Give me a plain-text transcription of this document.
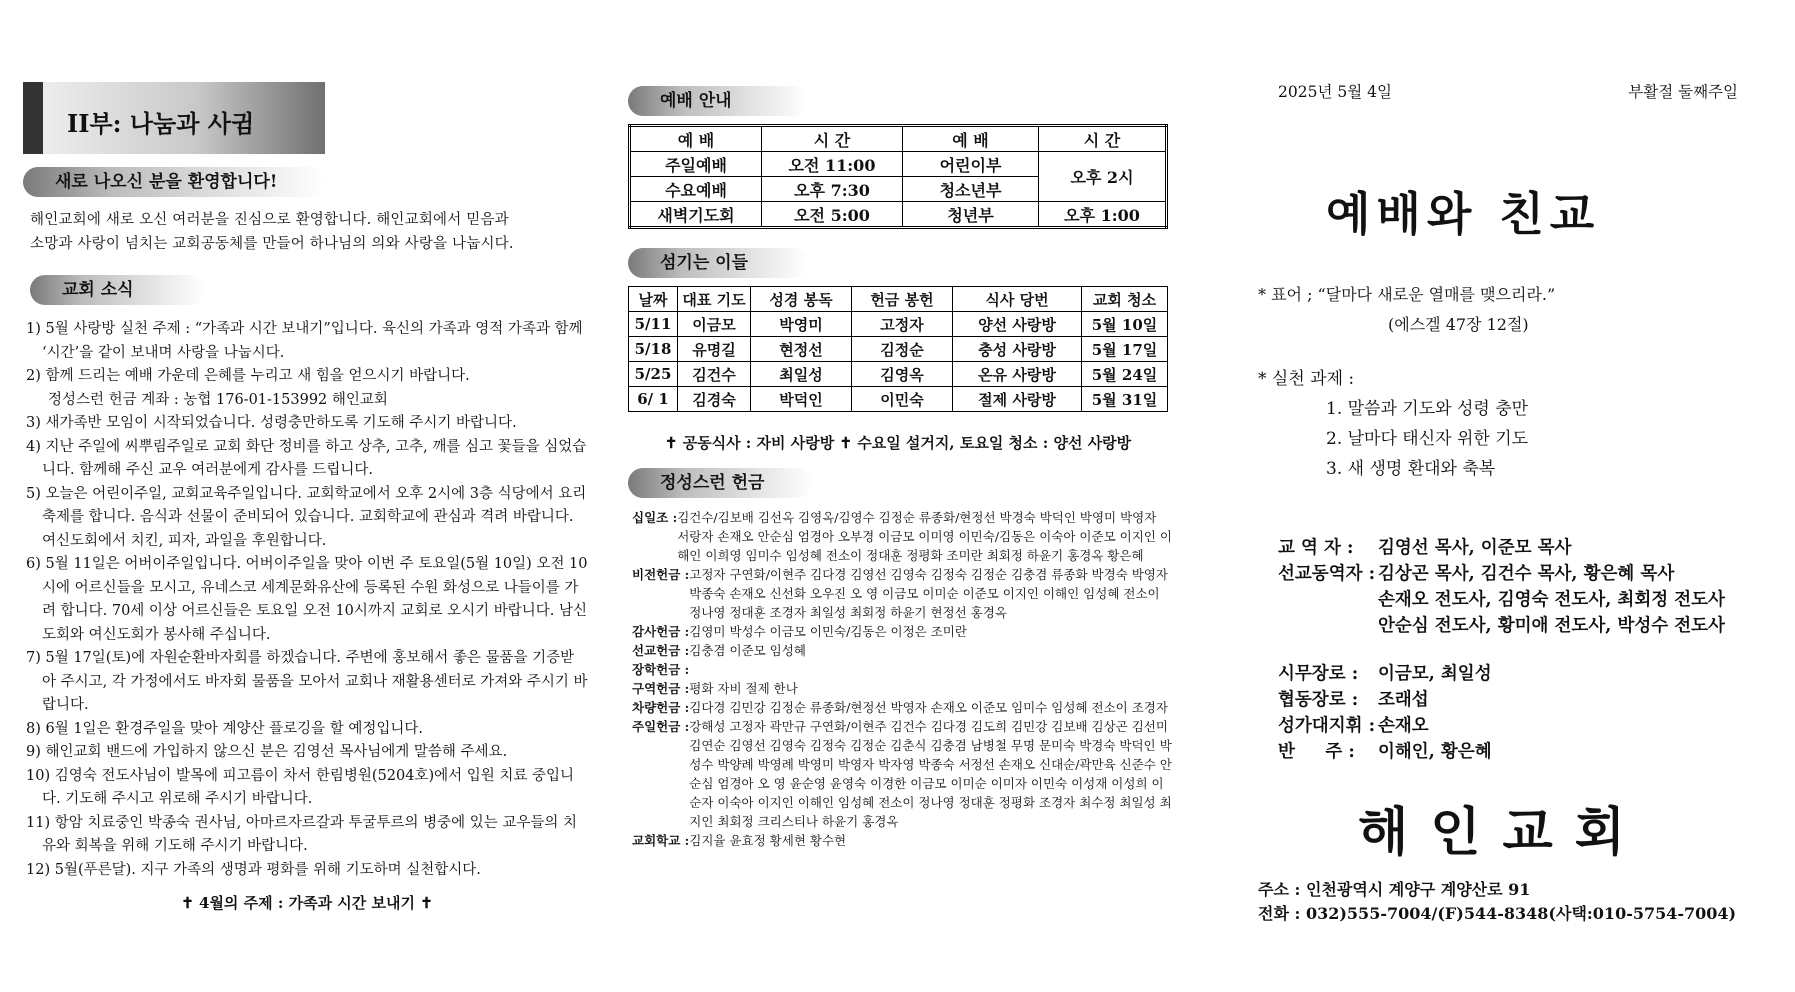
II부: 나눔과 사귐
새로 나오신 분을 환영합니다!
해인교회에 새로 오신 여러분을 진심으로 환영합니다. 해인교회에서 믿음과
소망과 사랑이 넘치는 교회공동체를 만들어 하나님의 의와 사랑을 나눕시다.
교회 소식
1) 5월 사랑방 실천 주제 : “가족과 시간 보내기”입니다. 육신의 가족과 영적 가족과 함께 ‘시간’을 같이 보내며 사랑을 나눕시다.
2) 함께 드리는 예배 가운데 은혜를 누리고 새 힘을 얻으시기 바랍니다.
정성스런 헌금 계좌 : 농협 176-01-153992 해인교회
3) 새가족반 모임이 시작되었습니다. 성령충만하도록 기도해 주시기 바랍니다.
4) 지난 주일에 씨뿌림주일로 교회 화단 정비를 하고 상추, 고추, 깨를 심고 꽃들을 심었습니다. 함께해 주신 교우 여러분에게 감사를 드립니다.
5) 오늘은 어린이주일, 교회교육주일입니다. 교회학교에서 오후 2시에 3층 식당에서 요리축제를 합니다. 음식과 선물이 준비되어 있습니다. 교회학교에 관심과 격려 바랍니다. 여신도회에서 치킨, 피자, 과일을 후원합니다.
6) 5월 11일은 어버이주일입니다. 어버이주일을 맞아 이번 주 토요일(5월 10일) 오전 10시에 어르신들을 모시고, 유네스코 세계문화유산에 등록된 수원 화성으로 나들이를 가려 합니다. 70세 이상 어르신들은 토요일 오전 10시까지 교회로 오시기 바랍니다. 남신도회와 여신도회가 봉사해 주십니다.
7) 5월 17일(토)에 자원순환바자회를 하겠습니다. 주변에 홍보해서 좋은 물품을 기증받아 주시고, 각 가정에서도 바자회 물품을 모아서 교회나 재활용센터로 가져와 주시기 바랍니다.
8) 6월 1일은 환경주일을 맞아 계양산 플로깅을 할 예정입니다.
9) 해인교회 밴드에 가입하지 않으신 분은 김영선 목사님에게 말씀해 주세요.
10) 김영숙 전도사님이 발목에 피고름이 차서 한림병원(5204호)에서 입원 치료 중입니다. 기도해 주시고 위로해 주시기 바랍니다.
11) 항암 치료중인 박종숙 권사님, 아마르자르갈과 투굴투르의 병중에 있는 교우들의 치유와 회복을 위해 기도해 주시기 바랍니다.
12) 5월(푸른달). 지구 가족의 생명과 평화를 위해 기도하며 실천합시다.
✝ 4월의 주제 : 가족과 시간 보내기 ✝
예배 안내
예 배	시 간	예 배	시 간
주일예배	오전 11:00	어린이부	오후 2시
수요예배	오후 7:30	청소년부	
새벽기도회	오전 5:00	청년부	오후 1:00
섬기는 이들
날짜	대표 기도	성경 봉독	헌금 봉헌	식사 당번	교회 청소
5/11	이금모	박영미	고정자	양선 사랑방	5월 10일
5/18	유명길	현정선	김정순	충성 사랑방	5월 17일
5/25	김건수	최일성	김영옥	온유 사랑방	5월 24일
6/ 1	김경숙	박덕인	이민숙	절제 사랑방	5월 31일
✝ 공동식사 : 자비 사랑방 ✝ 수요일 설거지, 토요일 청소 : 양선 사랑방
정성스런 헌금
십일조 : 김건수/김보배 김선옥 김영옥/김영수 김정순 류종화/현정선 박경숙 박덕인 박영미 박영자 서랑자 손재오 안순심 엄경아 오부경 이금모 이미영 이민숙/김동은 이숙아 이준모 이지인 이해인 이희영 임미수 임성혜 전소이 정대훈 정평화 조미란 최회정 하윤기 홍경옥 황은혜
비전헌금 : 고정자 구연화/이현주 김다경 김영선 김영숙 김정숙 김정순 김충겸 류종화 박경숙 박영자 박종숙 손재오 신선화 오우진 오 영 이금모 이미순 이준모 이지인 이해인 임성혜 전소이 정나영 정대훈 조경자 최일성 최회정 하윤기 현정선 홍경옥
감사헌금 : 김영미 박성수 이금모 이민숙/김동은 이정은 조미란
선교헌금 : 김충겸 이준모 임성혜
장학헌금 :
구역헌금 : 평화 자비 절제 한나
차량헌금 : 김다경 김민강 김정순 류종화/현정선 박영자 손재오 이준모 임미수 임성혜 전소이 조경자
주일헌금 : 강해성 고정자 곽만규 구연화/이현주 김건수 김다경 김도희 김민강 김보배 김상곤 김선미 김연순 김영선 김영숙 김정숙 김정순 김춘식 김충겸 남병철 무명 문미숙 박경숙 박덕인 박성수 박양례 박영례 박영미 박영자 박자영 박종숙 서정선 손재오 신대순/곽만육 신준수 안순심 엄경아 오 영 윤순영 윤영숙 이경한 이금모 이미순 이미자 이민숙 이성재 이성희 이순자 이숙아 이지인 이해인 임성혜 전소이 정나영 정대훈 정평화 조경자 최수정 최일성 최지인 최회정 크리스티나 하윤기 홍경옥
교회학교 : 김지율 윤효정 황세현 황수현
2025년 5월 4일	부활절 둘째주일
예배와 친교
* 표어 ; “달마다 새로운 열매를 맺으리라.”
(에스겔 47장 12절)
* 실천 과제 :
1. 말씀과 기도와 성령 충만
2. 날마다 태신자 위한 기도
3. 새 생명 환대와 축복
교 역 자 :	김영선 목사, 이준모 목사
선교동역자 : 김상곤 목사, 김건수 목사, 황은혜 목사
손재오 전도사, 김영숙 전도사, 최회정 전도사
안순심 전도사, 황미애 전도사, 박성수 전도사
시무장로 :	이금모, 최일성
협동장로 :	조래섭
성가대지휘 : 손재오
반     주 :	이해인, 황은혜
해인교회
주소 : 인천광역시 계양구 계양산로 91
전화 : 032)555-7004/(F)544-8348(사택:010-5754-7004)
